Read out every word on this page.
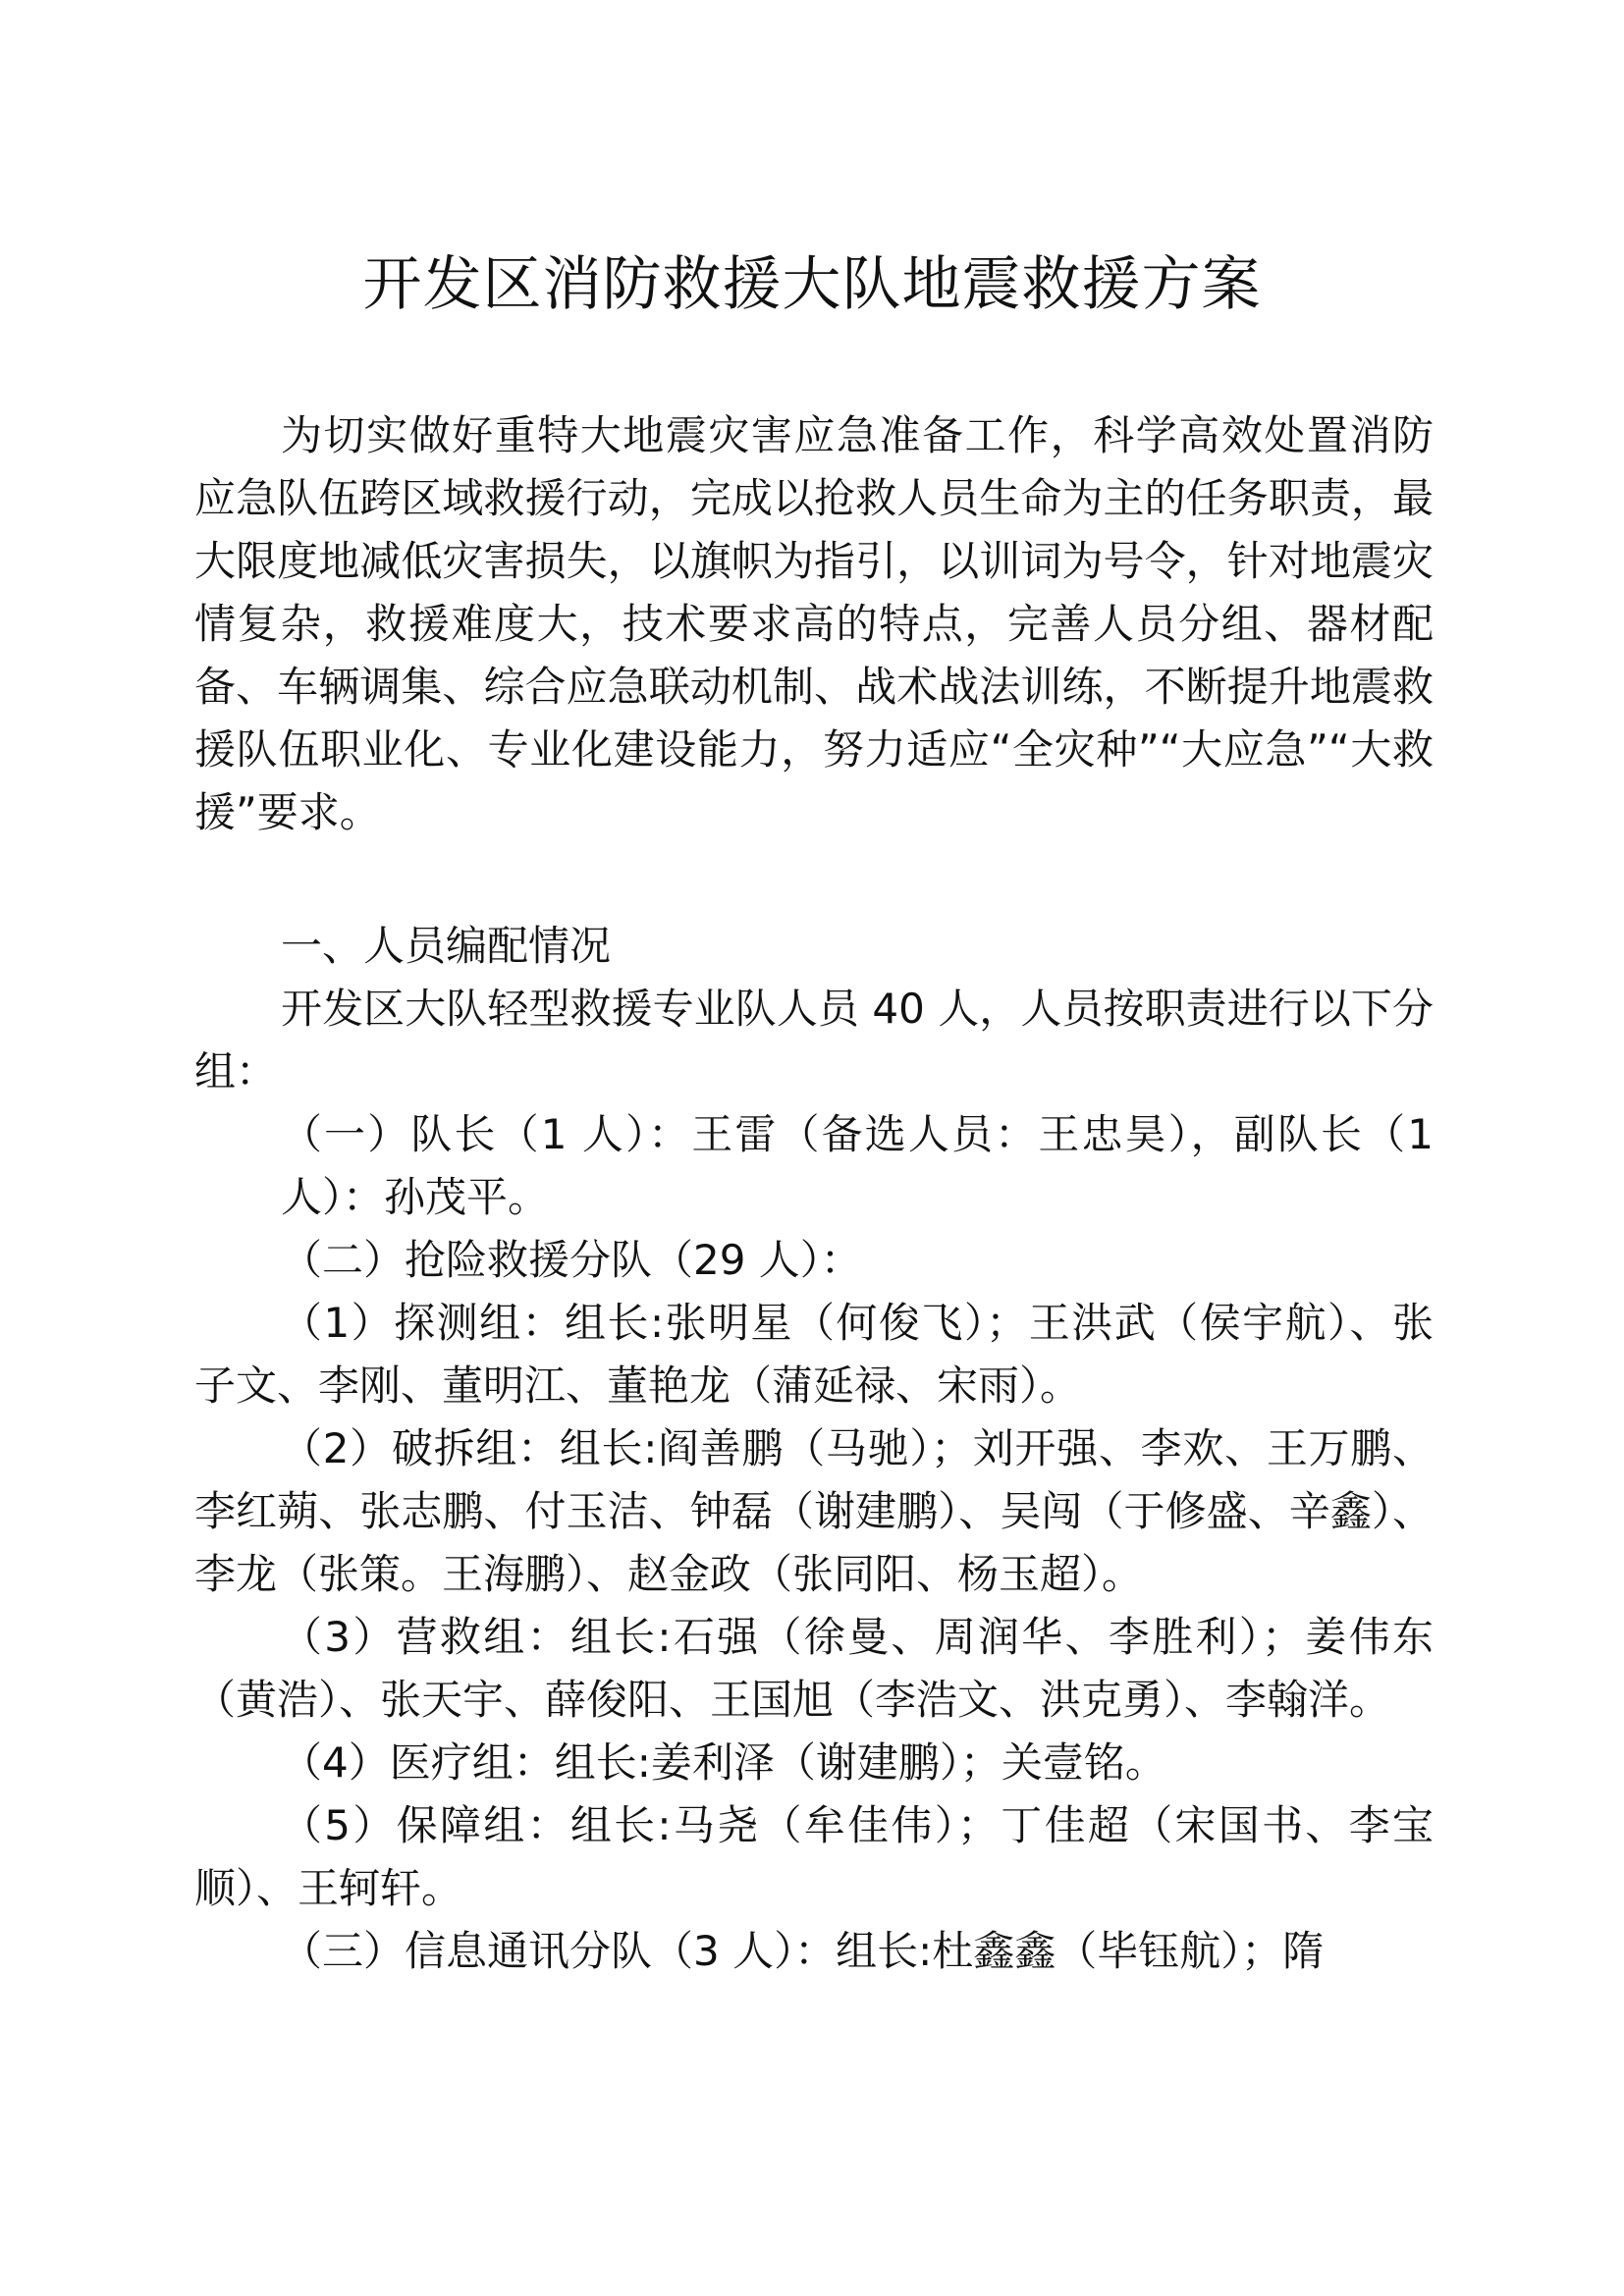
开发区消防救援大队地震救援方案

为切实做好重特大地震灾害应急准备工作，科学高效处置消防应急队伍跨区域救援行动，完成以抢救人员生命为主的任务职责，最大限度地减低灾害损失，以旗帜为指引，以训词为号令，针对地震灾情复杂，救援难度大，技术要求高的特点，完善人员分组、器材配备、车辆调集、综合应急联动机制、战术战法训练，不断提升地震救援队伍职业化、专业化建设能力，努力适应“全灾种”“大应急”“大救援”要求。

一、人员编配情况

开发区大队轻型救援专业队人员 40 人，人员按职责进行以下分组：

（一）队长（1 人）：王雷（备选人员：王忠昊），副队长（1 人）：孙茂平。

（二）抢险救援分队（29 人）：

（1）探测组：组长:张明星（何俊飞）；王洪武（侯宇航）、张子文、李刚、董明江、董艳龙（蒲延禄、宋雨）。

（2）破拆组：组长:阎善鹏（马驰）；刘开强、李欢、王万鹏、李红蒴、张志鹏、付玉洁、钟磊（谢建鹏）、吴闯（于修盛、辛鑫）、李龙（张策。王海鹏）、赵金政（张同阳、杨玉超）。

（3）营救组：组长:石强（徐曼、周润华、李胜利）；姜伟东（黄浩）、张天宇、薛俊阳、王国旭（李浩文、洪克勇）、李翰洋。

（4）医疗组：组长:姜利泽（谢建鹏）；关壹铭。

（5）保障组：组长:马尧（牟佳伟）；丁佳超（宋国书、李宝顺）、王轲轩。

（三）信息通讯分队（3 人）：组长:杜鑫鑫（毕钰航）；隋
